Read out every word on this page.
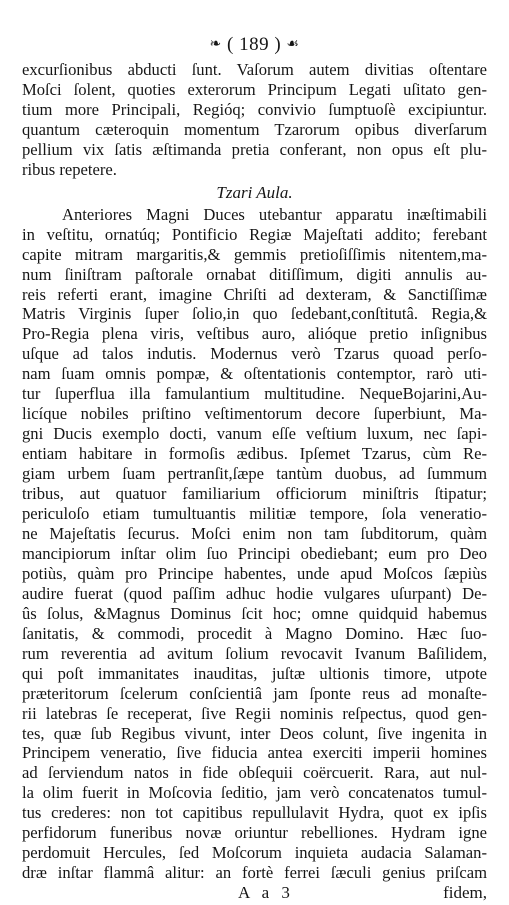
❧ ( 189 ) ☙
excurſionibus abducti ſunt. Vaſorum autem divitias oſtentare
Moſci ſolent, quoties exterorum Principum Legati uſitato gen-
tium more Principali, Regióq; convivio ſumptuoſè excipiuntur.
quantum cæteroquin momentum Tzarorum opibus diverſarum
pellium vix ſatis æſtimanda pretia conferant, non opus eſt plu-
ribus repetere.
Tzari Aula.
Anteriores Magni Duces utebantur apparatu inæſtimabili
in veſtitu, ornatúq; Pontificio Regiæ Majeſtati addito; ferebant
capite mitram margaritis,& gemmis pretioſiſſimis nitentem,ma-
num ſiniſtram paſtorale ornabat ditiſſimum, digiti annulis au-
reis referti erant, imagine Chriſti ad dexteram, & Sanctiſſimæ
Matris Virginis ſuper ſolio,in quo ſedebant,conſtitutâ. Regia,&
Pro-Regia plena viris, veſtibus auro, alióque pretio inſignibus
uſque ad talos indutis. Modernus verò Tzarus quoad perſo-
nam ſuam omnis pompæ, & oſtentationis contemptor, rarò uti-
tur ſuperflua illa famulantium multitudine. NequeBojarini,Au-
licíque nobiles priſtino veſtimentorum decore ſuperbiunt, Ma-
gni Ducis exemplo docti, vanum eſſe veſtium luxum, nec ſapi-
entiam habitare in formoſis ædibus. Ipſemet Tzarus, cùm Re-
giam urbem ſuam pertranſit,ſæpe tantùm duobus, ad ſummum
tribus, aut quatuor familiarium officiorum miniſtris ſtipatur;
periculoſo etiam tumultuantis militiæ tempore, ſola veneratio-
ne Majeſtatis ſecurus. Moſci enim non tam ſubditorum, quàm
mancipiorum inſtar olim ſuo Principi obediebant; eum pro Deo
potiùs, quàm pro Principe habentes, unde apud Moſcos ſæpiùs
audire fuerat (quod paſſim adhuc hodie vulgares uſurpant) De-
ûs ſolus, &Magnus Dominus ſcit hoc; omne quidquid habemus
ſanitatis, & commodi, procedit à Magno Domino. Hæc ſuo-
rum reverentia ad avitum ſolium revocavit Ivanum Baſilidem,
qui poſt immanitates inauditas, juſtæ ultionis timore, utpote
præteritorum ſcelerum conſcientiâ jam ſponte reus ad monaſte-
rii latebras ſe receperat, ſive Regii nominis reſpectus, quod gen-
tes, quæ ſub Regibus vivunt, inter Deos colunt, ſive ingenita in
Principem veneratio, ſive fiducia antea exerciti imperii homines
ad ſerviendum natos in fide obſequii coërcuerit. Rara, aut nul-
la olim fuerit in Moſcovia ſeditio, jam verò concatenatos tumul-
tus crederes: non tot capitibus repullulavit Hydra, quot ex ipſis
perfidorum funeribus novæ oriuntur rebelliones. Hydram igne
perdomuit Hercules, ſed Moſcorum inquieta audacia Salaman-
dræ inſtar flammâ alitur: an fortè ferrei ſæculi genius priſcam
A a 3	fidem,
